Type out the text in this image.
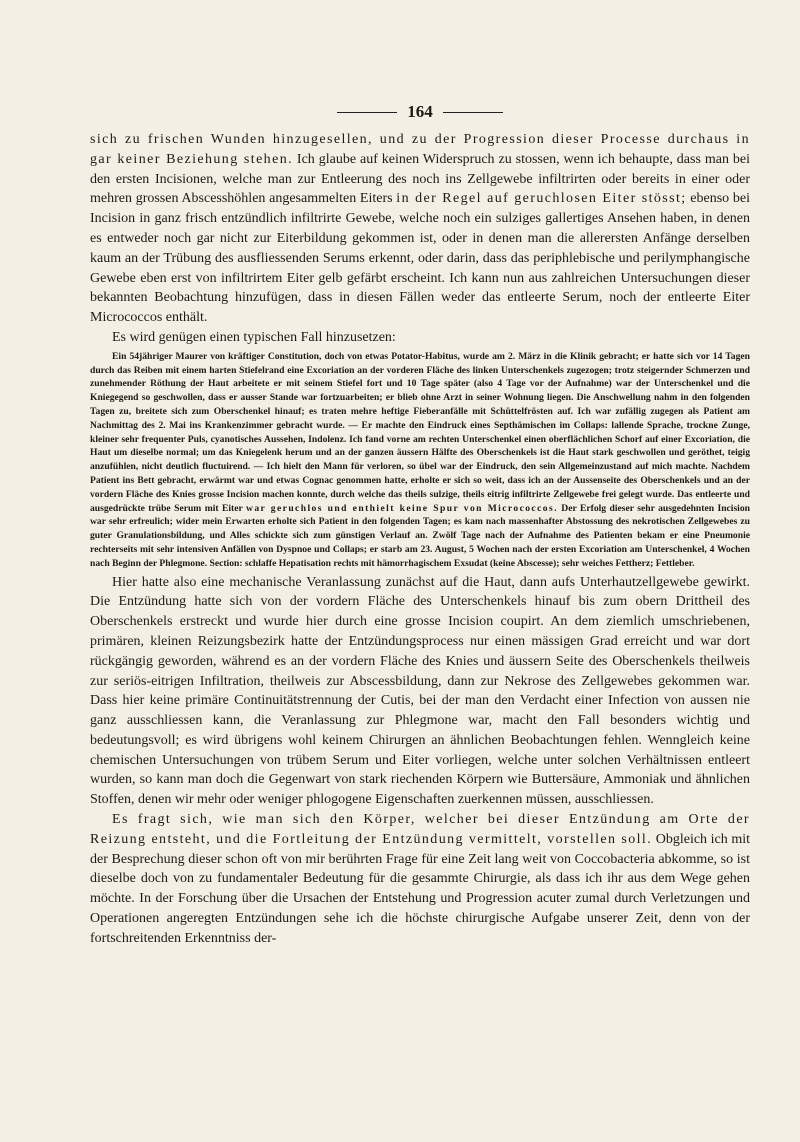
164

sich zu frischen Wunden hinzugesellen, und zu der Progression dieser Processe durchaus in gar keiner Beziehung stehen. Ich glaube auf keinen Widerspruch zu stossen, wenn ich behaupte, dass man bei den ersten Incisionen, welche man zur Entleerung des noch ins Zellgewebe infiltrirten oder bereits in einer oder mehren grossen Abscesshöhlen angesammelten Eiters in der Regel auf geruchlosen Eiter stösst; ebenso bei Incision in ganz frisch entzündlich infiltrirte Gewebe, welche noch ein sulziges gallertiges Ansehen haben, in denen es entweder noch gar nicht zur Eiterbildung gekommen ist, oder in denen man die allerersten Anfänge derselben kaum an der Trübung des ausfliessenden Serums erkennt, oder darin, dass das periphlebische und perilymphangische Gewebe eben erst von infiltrirtem Eiter gelb gefärbt erscheint. Ich kann nun aus zahlreichen Untersuchungen dieser bekannten Beobachtung hinzufügen, dass in diesen Fällen weder das entleerte Serum, noch der entleerte Eiter Micrococcos enthält.

Es wird genügen einen typischen Fall hinzusetzen:

Ein 54jähriger Maurer von kräftiger Constitution, doch von etwas Potator-Habitus, wurde am 2. März in die Klinik gebracht; er hatte sich vor 14 Tagen durch das Reiben mit einem harten Stiefelrand eine Excoriation an der vorderen Fläche des linken Unterschenkels zugezogen; trotz steigernder Schmerzen und zunehmender Röthung der Haut arbeitete er mit seinem Stiefel fort und 10 Tage später (also 4 Tage vor der Aufnahme) war der Unterschenkel und die Kniegegend so geschwollen, dass er ausser Stande war fortzuarbeiten; er blieb ohne Arzt in seiner Wohnung liegen. Die Anschwellung nahm in den folgenden Tagen zu, breitete sich zum Oberschenkel hinauf; es traten mehre heftige Fieberanfälle mit Schüttelfrösten auf. Ich war zufällig zugegen als Patient am Nachmittag des 2. Mai ins Krankenzimmer gebracht wurde. — Er machte den Eindruck eines Septhämischen im Collaps: lallende Sprache, trockne Zunge, kleiner sehr frequenter Puls, cyanotisches Aussehen, Indolenz. Ich fand vorne am rechten Unterschenkel einen oberflächlichen Schorf auf einer Excoriation, die Haut um dieselbe normal; um das Kniegelenk herum und an der ganzen äussern Hälfte des Oberschenkels ist die Haut stark geschwollen und geröthet, teigig anzufühlen, nicht deutlich fluctuirend. — Ich hielt den Mann für verloren, so übel war der Eindruck, den sein Allgemeinzustand auf mich machte. Nachdem Patient ins Bett gebracht, erwärmt war und etwas Cognac genommen hatte, erholte er sich so weit, dass ich an der Aussenseite des Oberschenkels und an der vordern Fläche des Knies grosse Incision machen konnte, durch welche das theils sulzige, theils eitrig infiltrirte Zellgewebe frei gelegt wurde. Das entleerte und ausgedrückte trübe Serum mit Eiter war geruchlos und enthielt keine Spur von Micrococcos. Der Erfolg dieser sehr ausgedehnten Incision war sehr erfreulich; wider mein Erwarten erholte sich Patient in den folgenden Tagen; es kam nach massenhafter Abstossung des nekrotischen Zellgewebes zu guter Granulationsbildung, und Alles schickte sich zum günstigen Verlauf an. Zwölf Tage nach der Aufnahme des Patienten bekam er eine Pneumonie rechterseits mit sehr intensiven Anfällen von Dyspnoe und Collaps; er starb am 23. August, 5 Wochen nach der ersten Excoriation am Unterschenkel, 4 Wochen nach Beginn der Phlegmone. Section: schlaffe Hepatisation rechts mit hämorrhagischem Exsudat (keine Abscesse); sehr weiches Fettherz; Fettleber.

Hier hatte also eine mechanische Veranlassung zunächst auf die Haut, dann aufs Unterhautzellgewebe gewirkt. Die Entzündung hatte sich von der vordern Fläche des Unterschenkels hinauf bis zum obern Drittheil des Oberschenkels erstreckt und wurde hier durch eine grosse Incision coupirt. An dem ziemlich umschriebenen, primären, kleinen Reizungsbezirk hatte der Entzündungsprocess nur einen mässigen Grad erreicht und war dort rückgängig geworden, während es an der vordern Fläche des Knies und äussern Seite des Oberschenkels theilweis zur seriös-eitrigen Infiltration, theilweis zur Abscessbildung, dann zur Nekrose des Zellgewebes gekommen war. Dass hier keine primäre Continuitätstrennung der Cutis, bei der man den Verdacht einer Infection von aussen nie ganz ausschliessen kann, die Veranlassung zur Phlegmone war, macht den Fall besonders wichtig und bedeutungsvoll; es wird übrigens wohl keinem Chirurgen an ähnlichen Beobachtungen fehlen. Wenngleich keine chemischen Untersuchungen von trübem Serum und Eiter vorliegen, welche unter solchen Verhältnissen entleert wurden, so kann man doch die Gegenwart von stark riechenden Körpern wie Buttersäure, Ammoniak und ähnlichen Stoffen, denen wir mehr oder weniger phlogogene Eigenschaften zuerkennen müssen, ausschliessen.

Es fragt sich, wie man sich den Körper, welcher bei dieser Entzündung am Orte der Reizung entsteht, und die Fortleitung der Entzündung vermittelt, vorstellen soll. Obgleich ich mit der Besprechung dieser schon oft von mir berührten Frage für eine Zeit lang weit von Coccobacteria abkomme, so ist dieselbe doch von zu fundamentaler Bedeutung für die gesammte Chirurgie, als dass ich ihr aus dem Wege gehen möchte. In der Forschung über die Ursachen der Entstehung und Progression acuter zumal durch Verletzungen und Operationen angeregten Entzündungen sehe ich die höchste chirurgische Aufgabe unserer Zeit, denn von der fortschreitenden Erkenntniss der-
